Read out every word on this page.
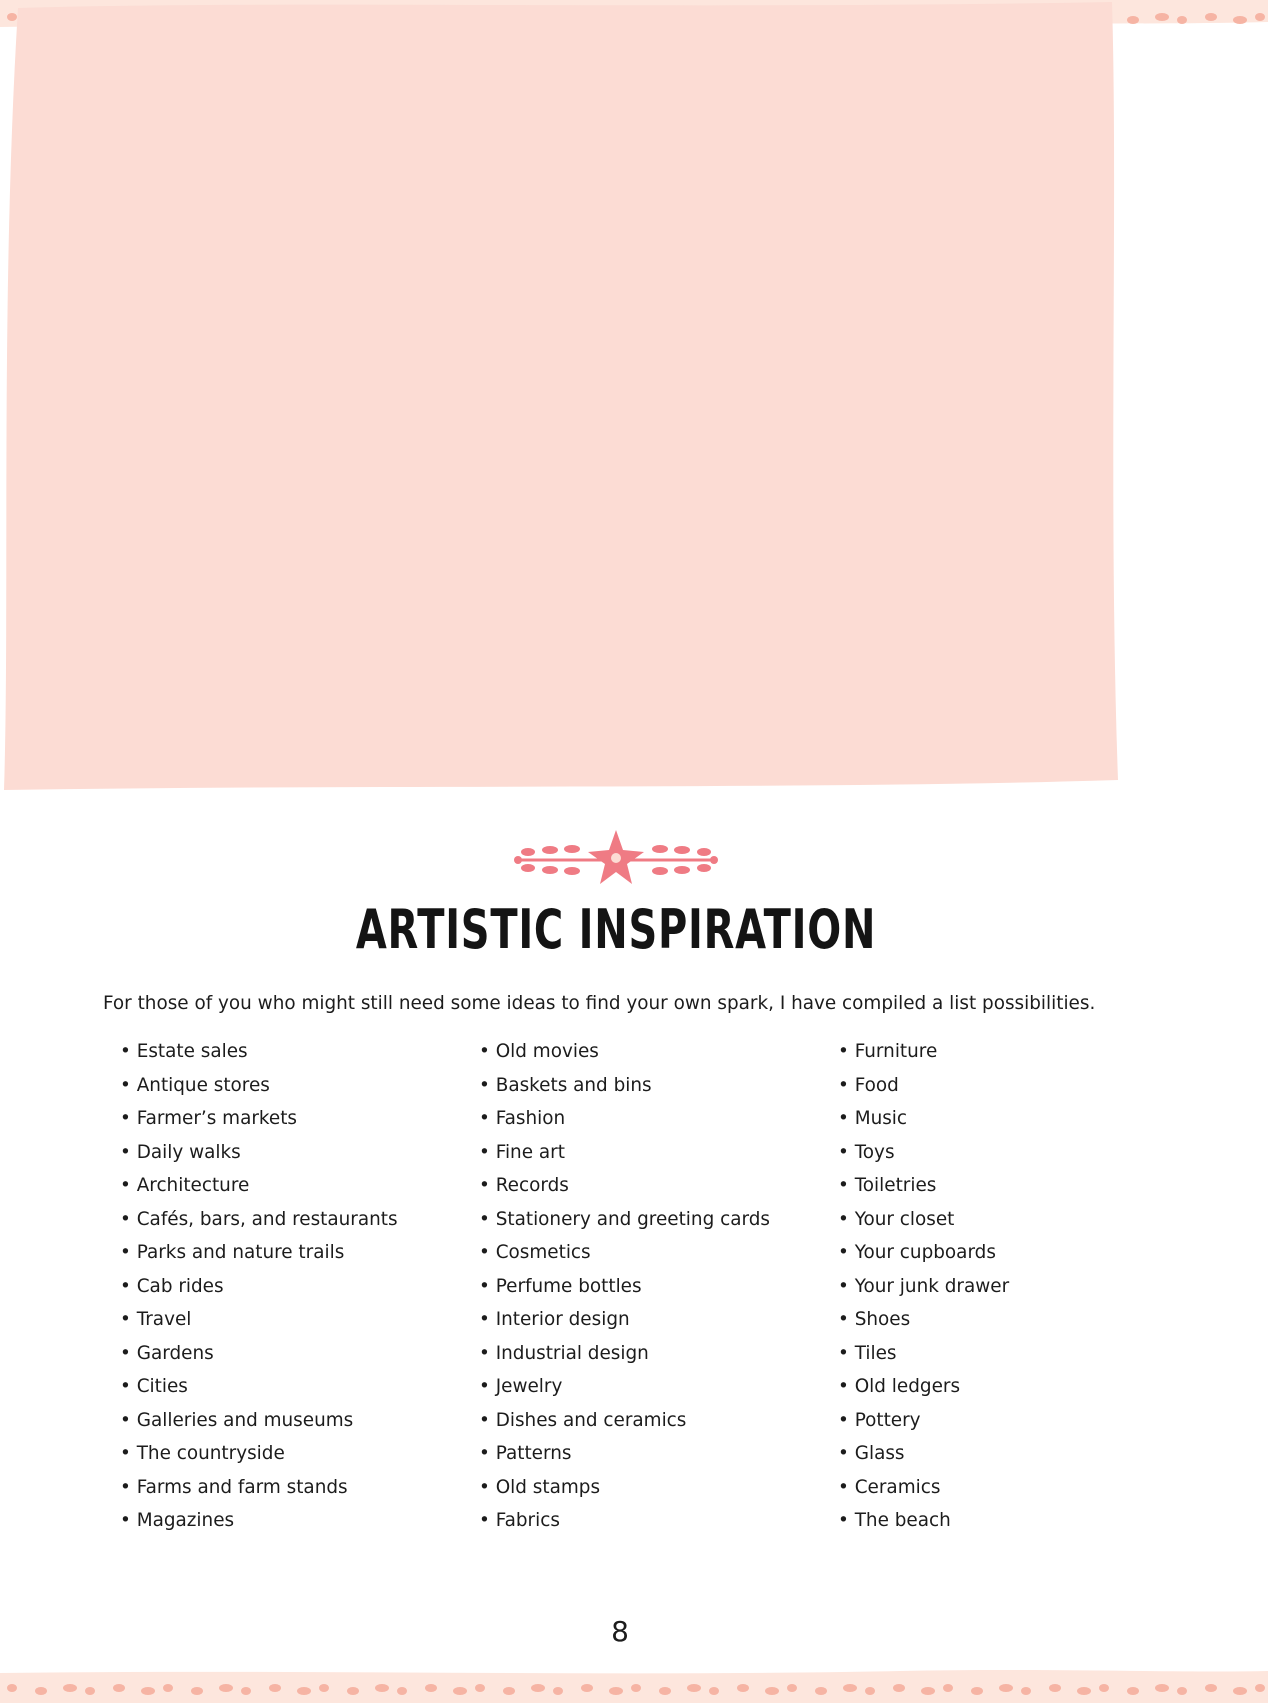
ARTISTIC INSPIRATION
For those of you who might still need some ideas to find your own spark, I have compiled a list possibilities.
• Estate sales
• Antique stores
• Farmer’s markets
• Daily walks
• Architecture
• Cafés, bars, and restaurants
• Parks and nature trails
• Cab rides
• Travel
• Gardens
• Cities
• Galleries and museums
• The countryside
• Farms and farm stands
• Magazines
• Old movies
• Baskets and bins
• Fashion
• Fine art
• Records
• Stationery and greeting cards
• Cosmetics
• Perfume bottles
• Interior design
• Industrial design
• Jewelry
• Dishes and ceramics
• Patterns
• Old stamps
• Fabrics
• Furniture
• Food
• Music
• Toys
• Toiletries
• Your closet
• Your cupboards
• Your junk drawer
• Shoes
• Tiles
• Old ledgers
• Pottery
• Glass
• Ceramics
• The beach
8
